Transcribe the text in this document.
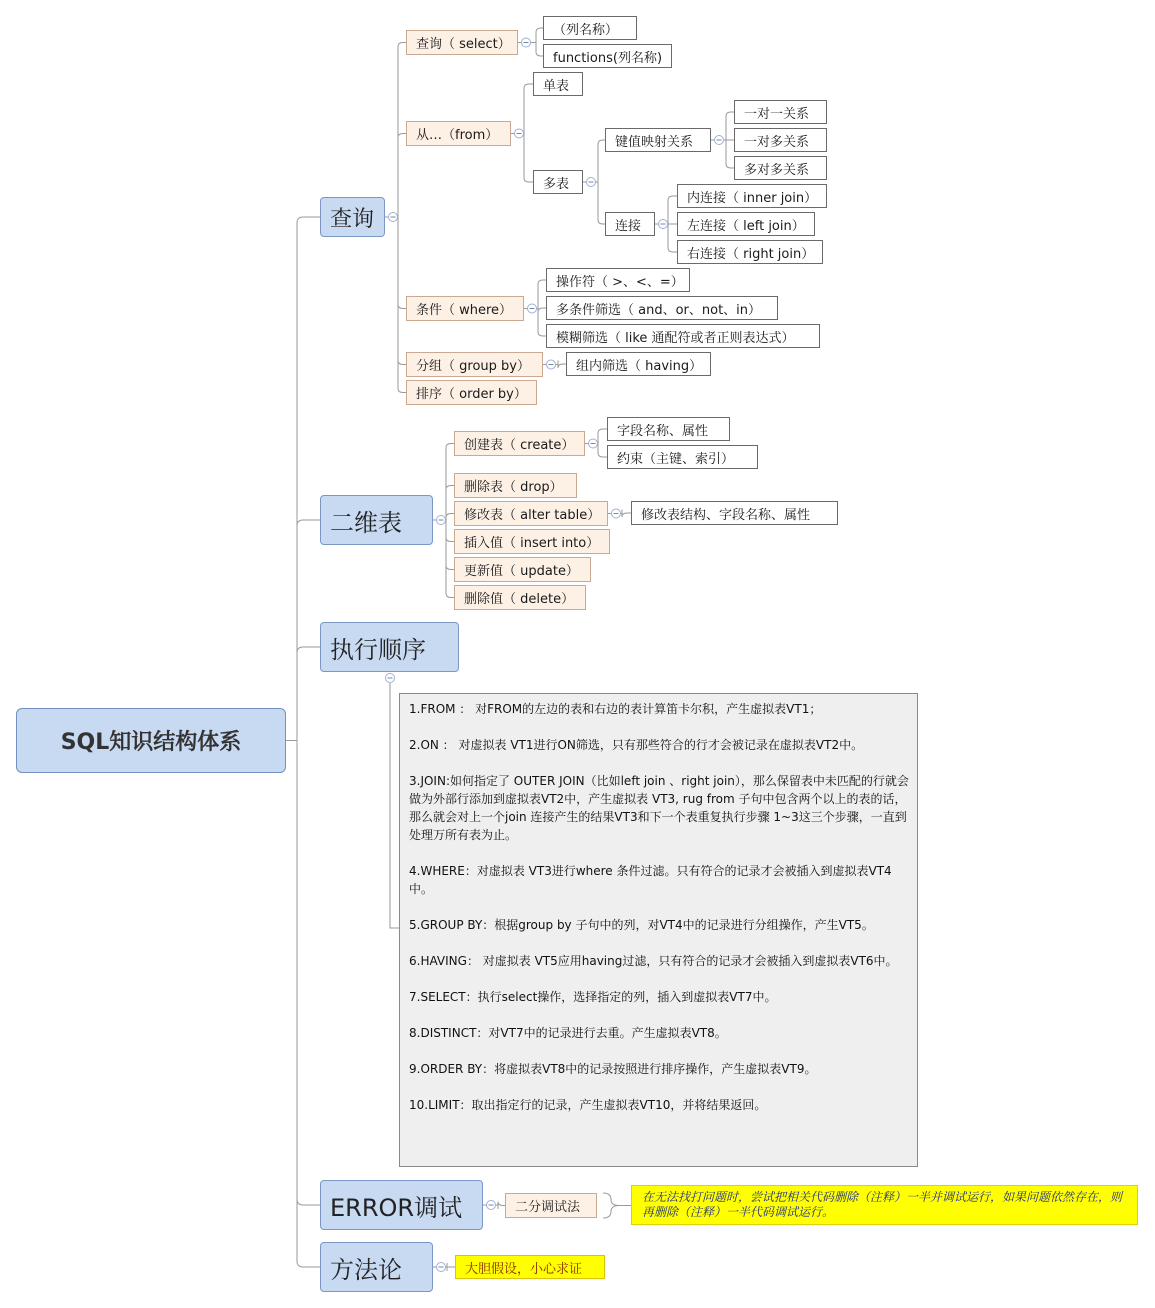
SQL知识结构体系
查询
查询（ select）
（列名称）
functions(列名称)
从…（from）
单表
多表
键值映射关系
一对一关系
一对多关系
多对多关系
连接
内连接（ inner join）
左连接（ left join）
右连接（ right join）
条件（ where）
操作符（ >、<、=）
多条件筛选（ and、or、not、in）
模糊筛选（ like 通配符或者正则表达式）
分组（ group by）	组内筛选（ having）
排序（ order by）
二维表
创建表（ create）
字段名称、属性
约束（主键、索引）
删除表（ drop）
修改表（ alter table）	修改表结构、字段名称、属性
插入值（ insert into）
更新值（ update）
删除值（ delete）
执行顺序

1.FROM ： 对FROM的左边的表和右边的表计算笛卡尔积，产生虚拟表VT1；

2.ON ： 对虚拟表 VT1进行ON筛选，只有那些符合的行才会被记录在虚拟表VT2中。

3.JOIN:如何指定了 OUTER JOIN（比如left join 、right join），那么保留表中未匹配的行就会做为外部行添加到虚拟表VT2中，产生虚拟表 VT3, rug from 子句中包含两个以上的表的话，那么就会对上一个join 连接产生的结果VT3和下一个表重复执行步骤 1~3这三个步骤，一直到处理万所有表为止。

4.WHERE：对虚拟表 VT3进行where 条件过滤。只有符合的记录才会被插入到虚拟表VT4中。

5.GROUP BY：根据group by 子句中的列，对VT4中的记录进行分组操作，产生VT5。

6.HAVING： 对虚拟表 VT5应用having过滤，只有符合的记录才会被插入到虚拟表VT6中。

7.SELECT：执行select操作，选择指定的列，插入到虚拟表VT7中。

8.DISTINCT：对VT7中的记录进行去重。产生虚拟表VT8。

9.ORDER BY：将虚拟表VT8中的记录按照进行排序操作，产生虚拟表VT9。

10.LIMIT：取出指定行的记录，产生虚拟表VT10，并将结果返回。

ERROR调试	二分调试法
在无法找打问题时，尝试把相关代码删除（注释）一半并调试运行，如果问题依然存在，则再删除（注释）一半代码调试运行。
方法论	大胆假设，小心求证
